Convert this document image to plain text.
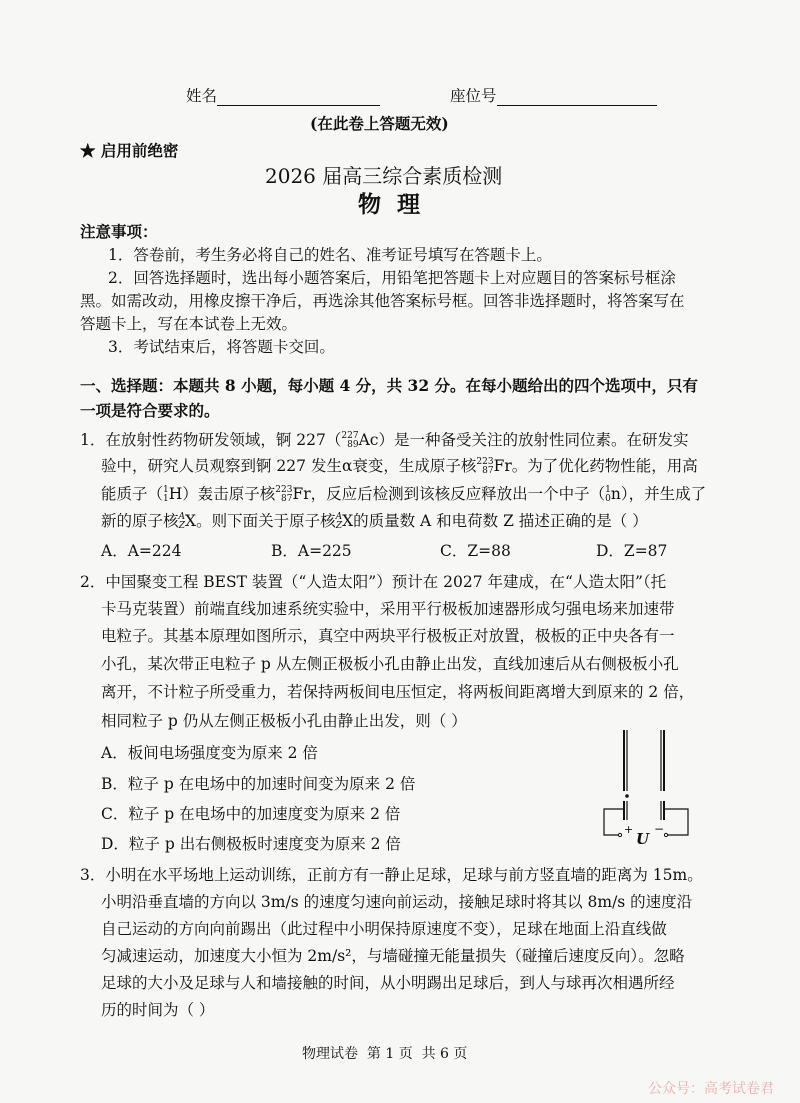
姓名	座位号
(在此卷上答题无效)
★ 启用前绝密
2026 届高三综合素质检测
物  理
注意事项：
1．答卷前，考生务必将自己的姓名、准考证号填写在答题卡上。
2．回答选择题时，选出每小题答案后，用铅笔把答题卡上对应题目的答案标号框涂
黑。如需改动，用橡皮擦干净后，再选涂其他答案标号框。回答非选择题时，将答案写在
答题卡上，写在本试卷上无效。
3．考试结束后，将答题卡交回。
一、选择题：本题共 8 小题，每小题 4 分，共 32 分。在每小题给出的四个选项中，只有
一项是符合要求的。
1．在放射性药物研发领域，锕 227（227
89Ac）是一种备受关注的放射性同位素。在研发实
验中，研究人员观察到锕 227 发生α衰变，生成原子核223
87Fr。为了优化药物性能，用高
能质子（1
1H）轰击原子核223
87Fr，反应后检测到该核反应释放出一个中子（1
0n），并生成了
新的原子核A
ZX。则下面关于原子核A
ZX的质量数 A 和电荷数 Z 描述正确的是（ ）
A．A=224	B．A=225	C．Z=88	D．Z=87
2．中国聚变工程 BEST 装置（“人造太阳”）预计在 2027 年建成，在“人造太阳”（托
卡马克装置）前端直线加速系统实验中，采用平行极板加速器形成匀强电场来加速带
电粒子。其基本原理如图所示，真空中两块平行极板正对放置，极板的正中央各有一
小孔，某次带正电粒子 p 从左侧正极板小孔由静止出发，直线加速后从右侧极板小孔
离开，不计粒子所受重力，若保持两板间电压恒定，将两板间距离增大到原来的 2 倍，
相同粒子 p 仍从左侧正极板小孔由静止出发，则（ ）
A．板间电场强度变为原来 2 倍
B．粒子 p 在电场中的加速时间变为原来 2 倍
C．粒子 p 在电场中的加速度变为原来 2 倍
D．粒子 p 出右侧极板时速度变为原来 2 倍
+ −
U
3．小明在水平场地上运动训练，正前方有一静止足球，足球与前方竖直墙的距离为 15m。
小明沿垂直墙的方向以 3m/s 的速度匀速向前运动，接触足球时将其以 8m/s 的速度沿
自己运动的方向向前踢出（此过程中小明保持原速度不变），足球在地面上沿直线做
匀减速运动，加速度大小恒为 2m/s²，与墙碰撞无能量损失（碰撞后速度反向）。忽略
足球的大小及足球与人和墙接触的时间，从小明踢出足球后，到人与球再次相遇所经
历的时间为（ ）
物理试卷  第 1 页  共 6 页
公众号：高考试卷君
